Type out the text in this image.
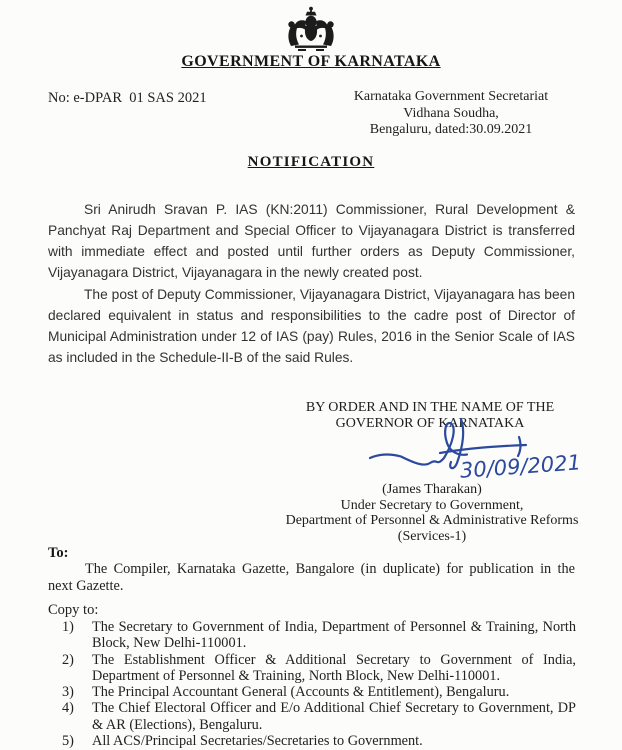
GOVERNMENT OF KARNATAKA
No: e-DPAR  01 SAS 2021	Karnataka Government Secretariat
Vidhana Soudha,
Bengaluru, dated:30.09.2021
NOTIFICATION
Sri Anirudh Sravan P. IAS (KN:2011) Commissioner, Rural Development & Panchyat Raj Department and Special Officer to Vijayanagara District is transferred with immediate effect and posted until further orders as Deputy Commissioner, Vijayanagara District, Vijayanagara in the newly created post.
The post of Deputy Commissioner, Vijayanagara District, Vijayanagara has been declared equivalent in status and responsibilities to the cadre post of Director of Municipal Administration under 12 of IAS (pay) Rules, 2016 in the Senior Scale of IAS as included in the Schedule-II-B of the said Rules.
BY ORDER AND IN THE NAME OF THE
GOVERNOR OF KARNATAKA
30/09/2021
(James Tharakan)
Under Secretary to Government,
Department of Personnel & Administrative Reforms
(Services-1)
To:
The Compiler, Karnataka Gazette, Bangalore (in duplicate) for publication in the next Gazette.
Copy to:
1)	The Secretary to Government of India, Department of Personnel & Training, North Block, New Delhi-110001.
2)	The Establishment Officer & Additional Secretary to Government of India, Department of Personnel & Training, North Block, New Delhi-110001.
3)	The Principal Accountant General (Accounts & Entitlement), Bengaluru.
4)	The Chief Electoral Officer and E/o Additional Chief Secretary to Government, DP & AR (Elections), Bengaluru.
5)	All ACS/Principal Secretaries/Secretaries to Government.
